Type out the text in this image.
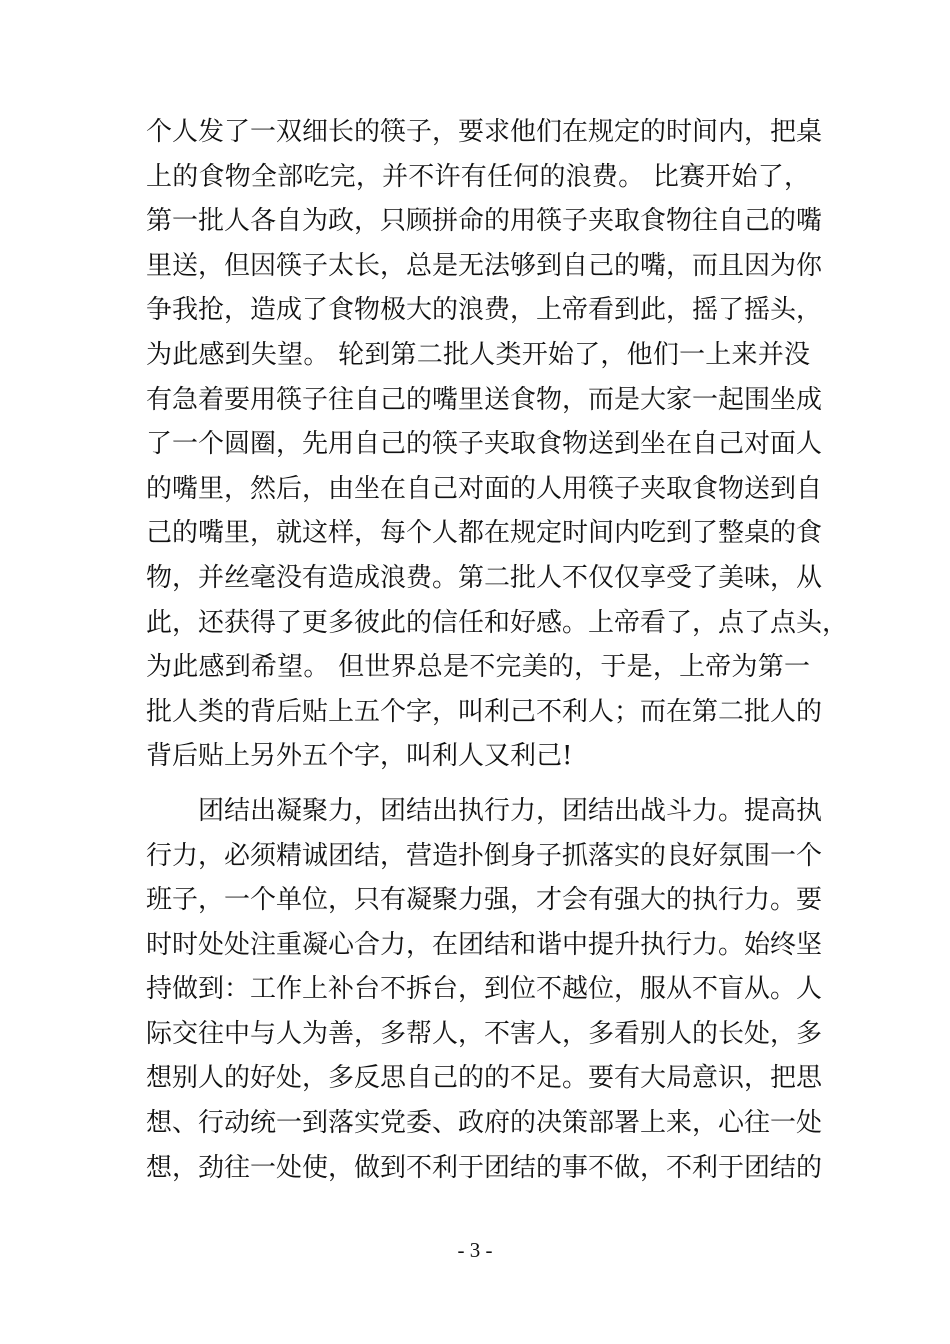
个人发了一双细长的筷子，要求他们在规定的时间内，把桌
上的食物全部吃完，并不许有任何的浪费。 比赛开始了，
第一批人各自为政，只顾拼命的用筷子夹取食物往自己的嘴
里送，但因筷子太长，总是无法够到自己的嘴，而且因为你
争我抢，造成了食物极大的浪费，上帝看到此，摇了摇头，
为此感到失望。 轮到第二批人类开始了，他们一上来并没
有急着要用筷子往自己的嘴里送食物，而是大家一起围坐成
了一个圆圈，先用自己的筷子夹取食物送到坐在自己对面人
的嘴里，然后，由坐在自己对面的人用筷子夹取食物送到自
己的嘴里，就这样，每个人都在规定时间内吃到了整桌的食
物，并丝毫没有造成浪费。第二批人不仅仅享受了美味，从
此，还获得了更多彼此的信任和好感。上帝看了，点了点头，
为此感到希望。 但世界总是不完美的，于是，上帝为第一
批人类的背后贴上五个字，叫利己不利人；而在第二批人的
背后贴上另外五个字，叫利人又利己!
团结出凝聚力，团结出执行力，团结出战斗力。提高执
行力，必须精诚团结，营造扑倒身子抓落实的良好氛围一个
班子，一个单位，只有凝聚力强，才会有强大的执行力。要
时时处处注重凝心合力，在团结和谐中提升执行力。始终坚
持做到：工作上补台不拆台，到位不越位，服从不盲从。人
际交往中与人为善，多帮人，不害人，多看别人的长处，多
想别人的好处，多反思自己的的不足。要有大局意识，把思
想、行动统一到落实党委、政府的决策部署上来，心往一处
想，劲往一处使，做到不利于团结的事不做，不利于团结的
- 3 -
